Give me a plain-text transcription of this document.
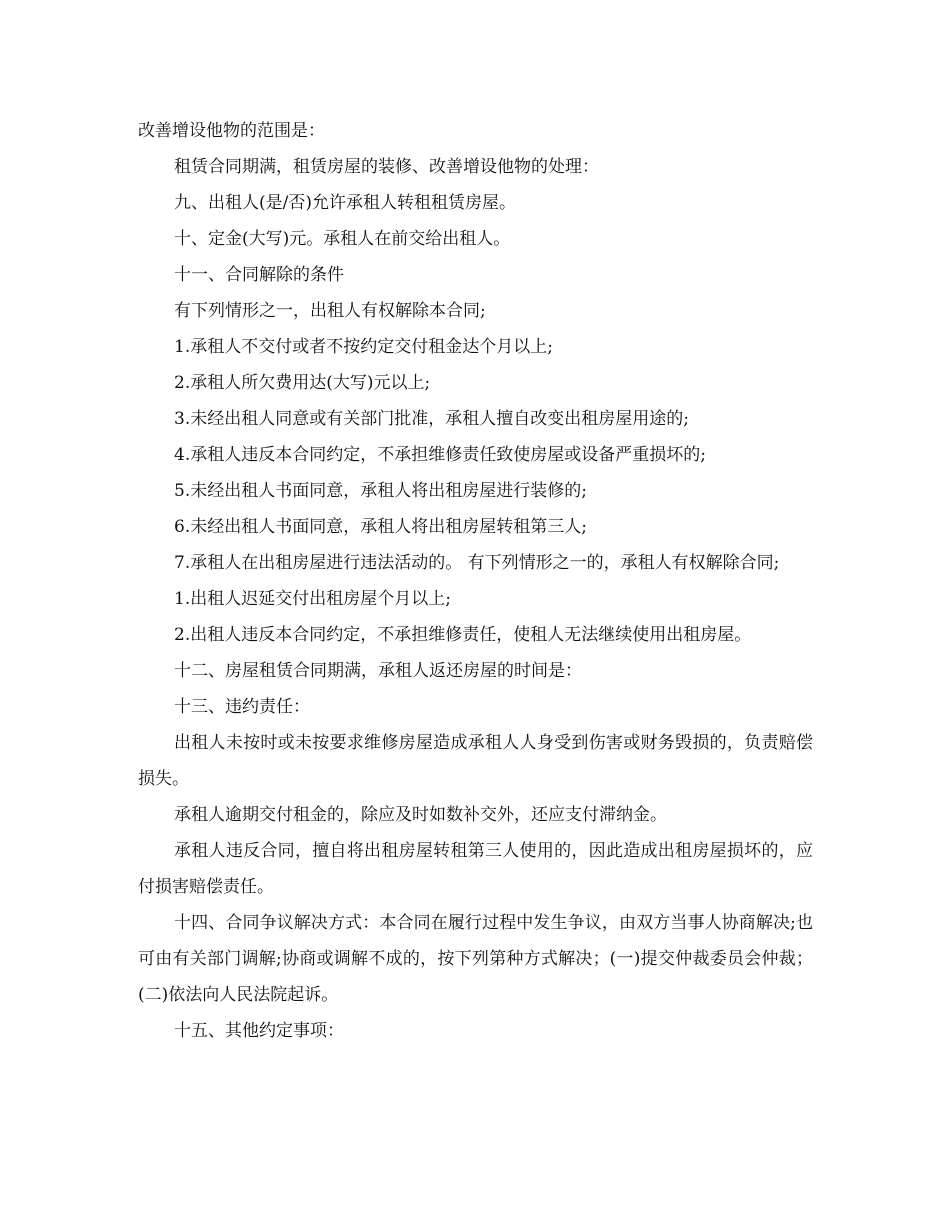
改善增设他物的范围是：

租赁合同期满，租赁房屋的装修、改善增设他物的处理：

九、出租人(是/否)允许承租人转租租赁房屋。

十、定金(大写)元。承租人在前交给出租人。

十一、合同解除的条件

有下列情形之一，出租人有权解除本合同;

1.承租人不交付或者不按约定交付租金达个月以上;

2.承租人所欠费用达(大写)元以上;

3.未经出租人同意或有关部门批准，承租人擅自改变出租房屋用途的;

4.承租人违反本合同约定，不承担维修责任致使房屋或设备严重损坏的;

5.未经出租人书面同意，承租人将出租房屋进行装修的;

6.未经出租人书面同意，承租人将出租房屋转租第三人;

7.承租人在出租房屋进行违法活动的。 有下列情形之一的，承租人有权解除合同;

1.出租人迟延交付出租房屋个月以上;

2.出租人违反本合同约定，不承担维修责任，使租人无法继续使用出租房屋。

十二、房屋租赁合同期满，承租人返还房屋的时间是：

十三、违约责任：

出租人未按时或未按要求维修房屋造成承租人人身受到伤害或财务毁损的，负责赔偿损失。

承租人逾期交付租金的，除应及时如数补交外，还应支付滞纳金。

承租人违反合同，擅自将出租房屋转租第三人使用的，因此造成出租房屋损坏的，应付损害赔偿责任。

十四、合同争议解决方式：本合同在履行过程中发生争议，由双方当事人协商解决;也可由有关部门调解;协商或调解不成的，按下列第种方式解决；(一)提交仲裁委员会仲裁；(二)依法向人民法院起诉。

十五、其他约定事项：
